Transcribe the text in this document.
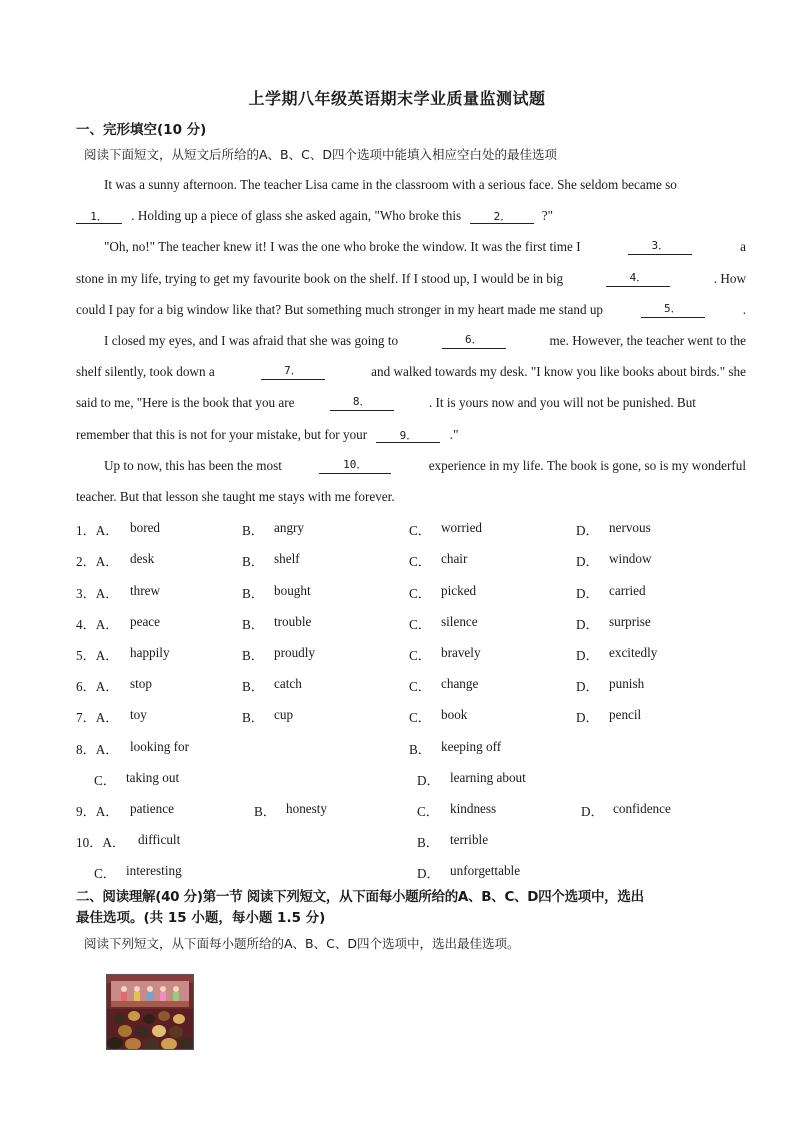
上学期八年级英语期末学业质量监测试题
一、完形填空(10 分)
阅读下面短文，从短文后所给的A、B、C、D四个选项中能填入相应空白处的最佳选项
It was a sunny afternoon. The teacher Lisa came in the classroom with a serious face. She seldom became so
1． . Holding up a piece of glass she asked again, "Who broke this	2． ?"
"Oh, no!" The teacher knew it! I was the one who broke the window. It was the first time I	3．	a
stone in my life, trying to get my favourite book on the shelf. If I stood up, I would be in big	4．	. How
could I pay for a big window like that? But something much stronger in my heart made me stand up	5．	.
I closed my eyes, and I was afraid that she was going to	6．	me. However, the teacher went to the
shelf silently, took down a	7．	and walked towards my desk. "I know you like books about birds." she
said to me, "Here is the book that you are	8．	. It is yours now and you will not be punished. But
remember that this is not for your mistake, but for your	9． ."
Up to now, this has been the most	10．	experience in my life. The book is gone, so is my wonderful
teacher. But that lesson she taught me stays with me forever.
1．A． bored	B． angry	C． worried	D． nervous
2．A． desk	B． shelf	C． chair	D． window
3．A． threw	B． bought	C． picked	D． carried
4．A． peace	B． trouble	C． silence	D． surprise
5．A． happily	B． proudly	C． bravely	D． excitedly
6．A． stop	B． catch	C． change	D． punish
7．A． toy	B． cup	C． book	D． pencil
8．A． looking for	B． keeping off
C． taking out	D． learning about
9．A． patience	B． honesty	C． kindness	D． confidence
10．A． difficult	B． terrible
C． interesting	D． unforgettable
二、阅读理解(40 分)第一节 阅读下列短文，从下面每小题所给的A、B、C、D四个选项中，选出
最佳选项。(共 15 小题，每小题 1.5 分)
阅读下列短文，从下面每小题所给的A、B、C、D四个选项中，选出最佳选项。
